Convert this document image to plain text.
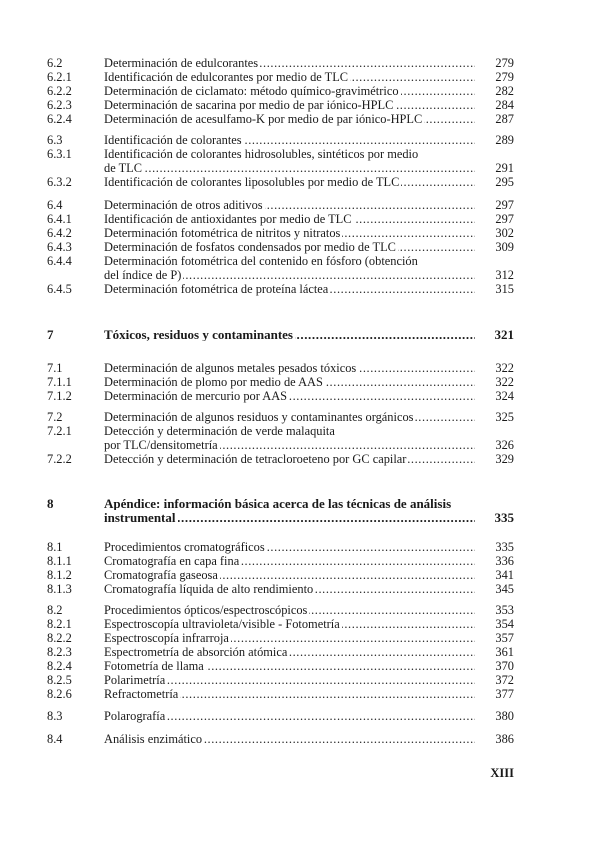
6.2	Determinación de edulcorantes .....	279
6.2.1	Identificación de edulcorantes por medio de TLC .....	279
6.2.2	Determinación de ciclamato: método químico-gravimétrico .....	282
6.2.3	Determinación de sacarina por medio de par iónico-HPLC .....	284
6.2.4	Determinación de acesulfamo-K por medio de par iónico-HPLC .....	287
6.3	Identificación de colorantes .....	289
6.3.1	Identificación de colorantes hidrosolubles, sintéticos por medio
de TLC .....	291
6.3.2	Identificación de colorantes liposolubles por medio de TLC .....	295
6.4	Determinación de otros aditivos .....	297
6.4.1	Identificación de antioxidantes por medio de TLC .....	297
6.4.2	Determinación fotométrica de nitritos y nitratos .....	302
6.4.3	Determinación de fosfatos condensados por medio de TLC .....	309
6.4.4	Determinación fotométrica del contenido en fósforo (obtención
del índice de P) .....	312
6.4.5	Determinación fotométrica de proteína láctea .....	315
7	Tóxicos, residuos y contaminantes .....	321
7.1	Determinación de algunos metales pesados tóxicos .....	322
7.1.1	Determinación de plomo por medio de AAS .....	322
7.1.2	Determinación de mercurio por AAS .....	324
7.2	Determinación de algunos residuos y contaminantes orgánicos .....	325
7.2.1	Detección y determinación de verde malaquita
por TLC/densitometría .....	326
7.2.2	Detección y determinación de tetracloroeteno por GC capilar .....	329
8	Apéndice: información básica acerca de las técnicas de análisis
instrumental .....	335
8.1	Procedimientos cromatográficos .....	335
8.1.1	Cromatografía en capa fina .....	336
8.1.2	Cromatografía gaseosa .....	341
8.1.3	Cromatografía líquida de alto rendimiento .....	345
8.2	Procedimientos ópticos/espectroscópicos .....	353
8.2.1	Espectroscopía ultravioleta/visible - Fotometría .....	354
8.2.2	Espectroscopía infrarroja .....	357
8.2.3	Espectrometría de absorción atómica .....	361
8.2.4	Fotometría de llama .....	370
8.2.5	Polarimetría .....	372
8.2.6	Refractometría .....	377
8.3	Polarografía .....	380
8.4	Análisis enzimático .....	386
XIII
